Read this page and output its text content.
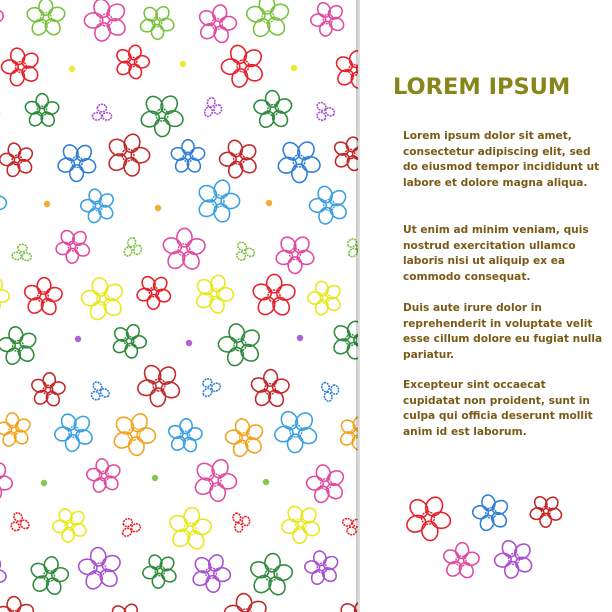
LOREM IPSUM

Lorem ipsum dolor sit amet, consectetur adipiscing elit, sed do eiusmod tempor incididunt ut labore et dolore magna aliqua.

Ut enim ad minim veniam, quis nostrud exercitation ullamco laboris nisi ut aliquip ex ea commodo consequat.

Duis aute irure dolor in reprehenderit in voluptate velit esse cillum dolore eu fugiat nulla pariatur.

Excepteur sint occaecat cupidatat non proident, sunt in culpa qui officia deserunt mollit anim id est laborum.
